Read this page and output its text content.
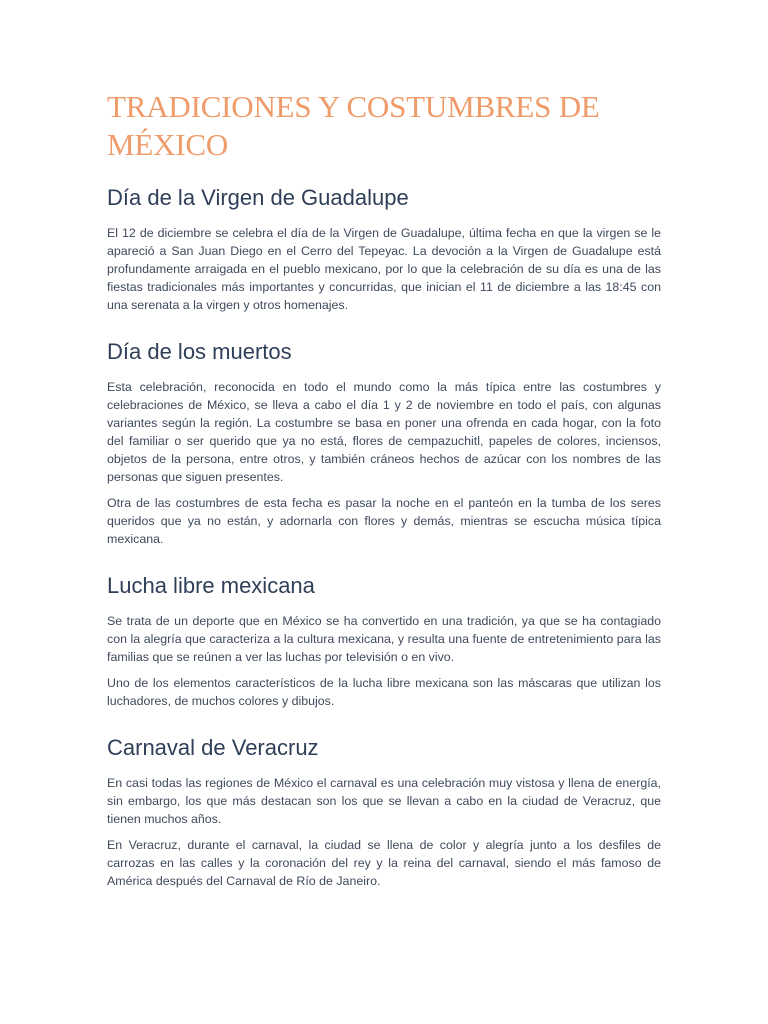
TRADICIONES Y COSTUMBRES DE MÉXICO
Día de la Virgen de Guadalupe

El 12 de diciembre se celebra el día de la Virgen de Guadalupe, última fecha en que la virgen se le apareció a San Juan Diego en el Cerro del Tepeyac. La devoción a la Virgen de Guadalupe está profundamente arraigada en el pueblo mexicano, por lo que la celebración de su día es una de las fiestas tradicionales más importantes y concurridas, que inician el 11 de diciembre a las 18:45 con una serenata a la virgen y otros homenajes.

Día de los muertos

Esta celebración, reconocida en todo el mundo como la más típica entre las costumbres y celebraciones de México, se lleva a cabo el día 1 y 2 de noviembre en todo el país, con algunas variantes según la región. La costumbre se basa en poner una ofrenda en cada hogar, con la foto del familiar o ser querido que ya no está, flores de cempazuchitl, papeles de colores, inciensos, objetos de la persona, entre otros, y también cráneos hechos de azúcar con los nombres de las personas que siguen presentes.

Otra de las costumbres de esta fecha es pasar la noche en el panteón en la tumba de los seres queridos que ya no están, y adornarla con flores y demás, mientras se escucha música típica mexicana.

Lucha libre mexicana

Se trata de un deporte que en México se ha convertido en una tradición, ya que se ha contagiado con la alegría que caracteriza a la cultura mexicana, y resulta una fuente de entretenimiento para las familias que se reúnen a ver las luchas por televisión o en vivo.

Uno de los elementos característicos de la lucha libre mexicana son las máscaras que utilizan los luchadores, de muchos colores y dibujos.

Carnaval de Veracruz

En casi todas las regiones de México el carnaval es una celebración muy vistosa y llena de energía, sin embargo, los que más destacan son los que se llevan a cabo en la ciudad de Veracruz, que tienen muchos años.

En Veracruz, durante el carnaval, la ciudad se llena de color y alegría junto a los desfiles de carrozas en las calles y la coronación del rey y la reina del carnaval, siendo el más famoso de América después del Carnaval de Río de Janeiro.
